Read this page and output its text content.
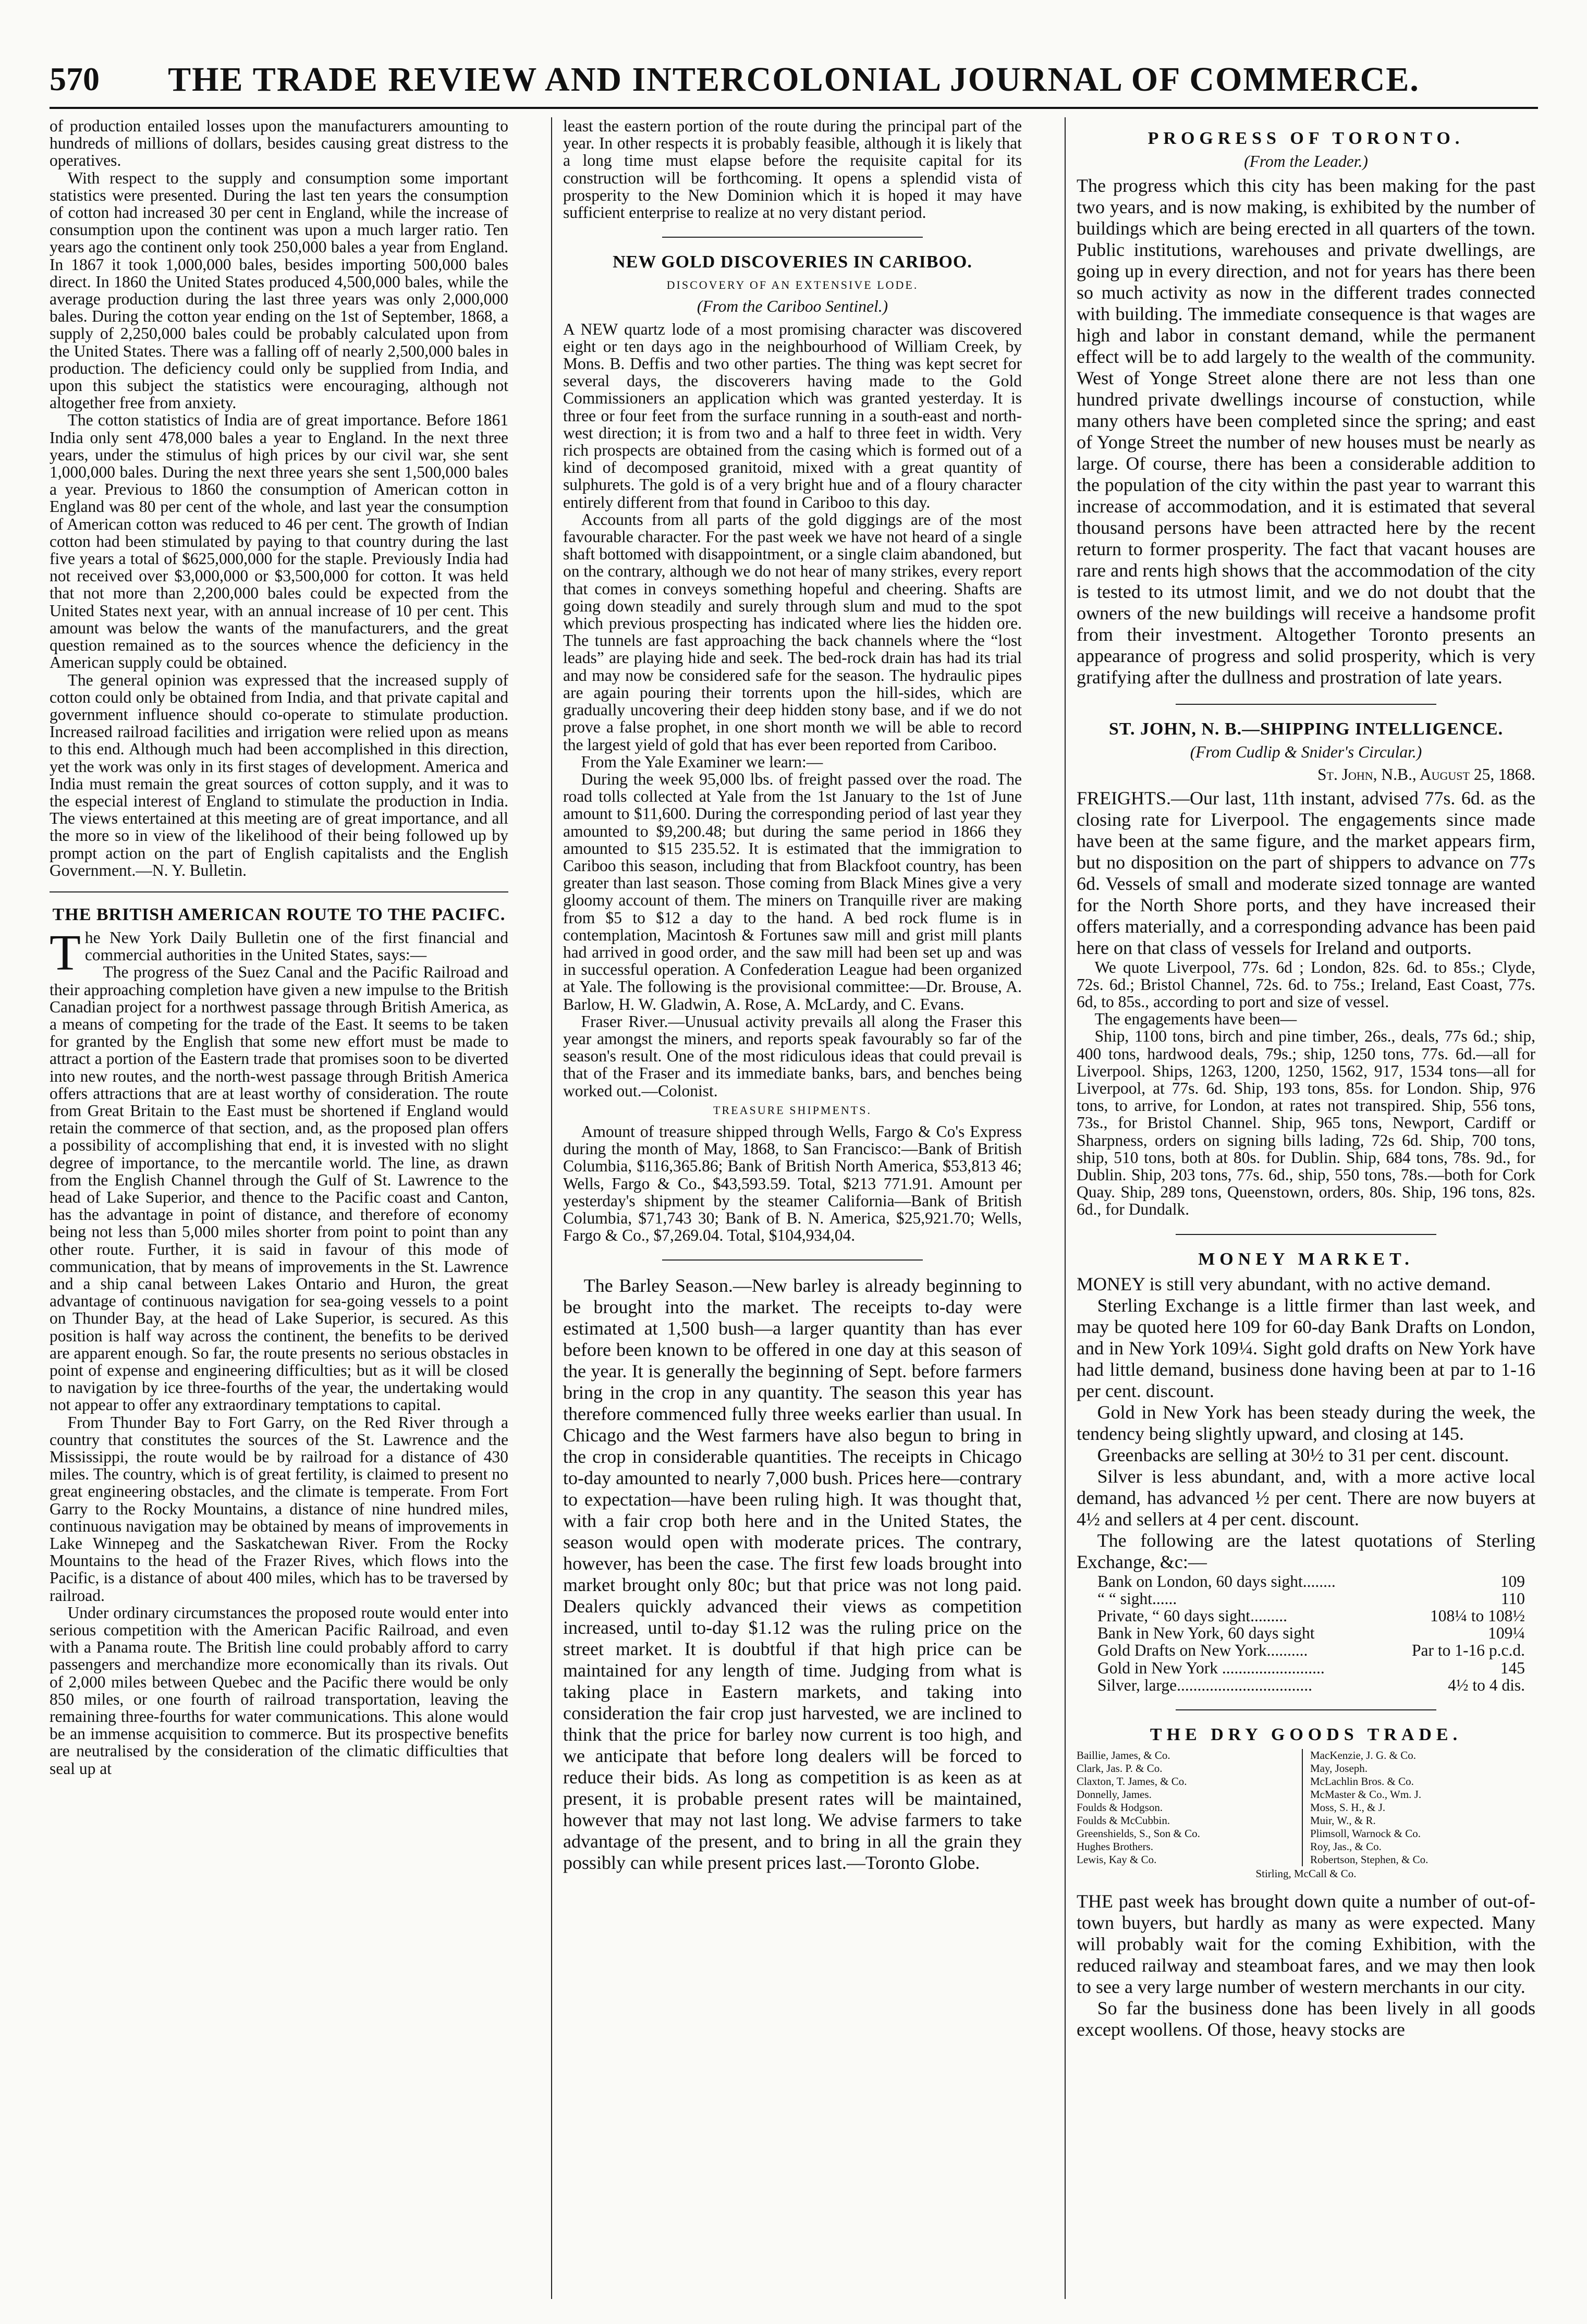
570	THE TRADE REVIEW AND INTERCOLONIAL JOURNAL OF COMMERCE.

of production entailed losses upon the manufacturers amounting to hundreds of millions of dollars, besides causing great distress to the operatives.

With respect to the supply and consumption some important statistics were presented. During the last ten years the consumption of cotton had increased 30 per cent in England, while the increase of consumption upon the continent was upon a much larger ratio. Ten years ago the continent only took 250,000 bales a year from England. In 1867 it took 1,000,000 bales, besides importing 500,000 bales direct. In 1860 the United States produced 4,500,000 bales, while the average production during the last three years was only 2,000,000 bales. During the cotton year ending on the 1st of September, 1868, a supply of 2,250,000 bales could be probably calculated upon from the United States. There was a falling off of nearly 2,500,000 bales in production. The deficiency could only be supplied from India, and upon this subject the statistics were encouraging, although not altogether free from anxiety.

The cotton statistics of India are of great importance. Before 1861 India only sent 478,000 bales a year to England. In the next three years, under the stimulus of high prices by our civil war, she sent 1,000,000 bales. During the next three years she sent 1,500,000 bales a year. Previous to 1860 the consumption of American cotton in England was 80 per cent of the whole, and last year the consumption of American cotton was reduced to 46 per cent. The growth of Indian cotton had been stimulated by paying to that country during the last five years a total of $625,000,000 for the staple. Previously India had not received over $3,000,000 or $3,500,000 for cotton. It was held that not more than 2,200,000 bales could be expected from the United States next year, with an annual increase of 10 per cent. This amount was below the wants of the manufacturers, and the great question remained as to the sources whence the deficiency in the American supply could be obtained.

The general opinion was expressed that the increased supply of cotton could only be obtained from India, and that private capital and government influence should co-operate to stimulate production. Increased railroad facilities and irrigation were relied upon as means to this end. Although much had been accomplished in this direction, yet the work was only in its first stages of development. America and India must remain the great sources of cotton supply, and it was to the especial interest of England to stimulate the production in India. The views entertained at this meeting are of great importance, and all the more so in view of the likelihood of their being followed up by prompt action on the part of English capitalists and the English Government.—N. Y. Bulletin.

THE BRITISH AMERICAN ROUTE TO THE PACIFC.

The New York Daily Bulletin one of the first financial and commercial authorities in the United States, says:—

The progress of the Suez Canal and the Pacific Railroad and their approaching completion have given a new impulse to the British Canadian project for a northwest passage through British America, as a means of competing for the trade of the East. It seems to be taken for granted by the English that some new effort must be made to attract a portion of the Eastern trade that promises soon to be diverted into new routes, and the north-west passage through British America offers attractions that are at least worthy of consideration. The route from Great Britain to the East must be shortened if England would retain the commerce of that section, and, as the proposed plan offers a possibility of accomplishing that end, it is invested with no slight degree of importance, to the mercantile world. The line, as drawn from the English Channel through the Gulf of St. Lawrence to the head of Lake Superior, and thence to the Pacific coast and Canton, has the advantage in point of distance, and therefore of economy being not less than 5,000 miles shorter from point to point than any other route. Further, it is said in favour of this mode of communication, that by means of improvements in the St. Lawrence and a ship canal between Lakes Ontario and Huron, the great advantage of continuous navigation for sea-going vessels to a point on Thunder Bay, at the head of Lake Superior, is secured. As this position is half way across the continent, the benefits to be derived are apparent enough. So far, the route presents no serious obstacles in point of expense and engineering difficulties; but as it will be closed to navigation by ice three-fourths of the year, the undertaking would not appear to offer any extraordinary temptations to capital.

From Thunder Bay to Fort Garry, on the Red River through a country that constitutes the sources of the St. Lawrence and the Mississippi, the route would be by railroad for a distance of 430 miles. The country, which is of great fertility, is claimed to present no great engineering obstacles, and the climate is temperate. From Fort Garry to the Rocky Mountains, a distance of nine hundred miles, continuous navigation may be obtained by means of improvements in Lake Winnepeg and the Saskatchewan River. From the Rocky Mountains to the head of the Frazer Rives, which flows into the Pacific, is a distance of about 400 miles, which has to be traversed by railroad.

Under ordinary circumstances the proposed route would enter into serious competition with the American Pacific Railroad, and even with a Panama route. The British line could probably afford to carry passengers and merchandize more economically than its rivals. Out of 2,000 miles between Quebec and the Pacific there would be only 850 miles, or one fourth of railroad transportation, leaving the remaining three-fourths for water communications. This alone would be an immense acquisition to commerce. But its prospective benefits are neutralised by the consideration of the climatic difficulties that seal up at

least the eastern portion of the route during the principal part of the year. In other respects it is probably feasible, although it is likely that a long time must elapse before the requisite capital for its construction will be forthcoming. It opens a splendid vista of prosperity to the New Dominion which it is hoped it may have sufficient enterprise to realize at no very distant period.

NEW GOLD DISCOVERIES IN CARIBOO.
DISCOVERY OF AN EXTENSIVE LODE.
(From the Cariboo Sentinel.)

A NEW quartz lode of a most promising character was discovered eight or ten days ago in the neighbourhood of William Creek, by Mons. B. Deffis and two other parties. The thing was kept secret for several days, the discoverers having made to the Gold Commissioners an application which was granted yesterday. It is three or four feet from the surface running in a south-east and north-west direction; it is from two and a half to three feet in width. Very rich prospects are obtained from the casing which is formed out of a kind of decomposed granitoid, mixed with a great quantity of sulphurets. The gold is of a very bright hue and of a floury character entirely different from that found in Cariboo to this day.

Accounts from all parts of the gold diggings are of the most favourable character. For the past week we have not heard of a single shaft bottomed with disappointment, or a single claim abandoned, but on the contrary, although we do not hear of many strikes, every report that comes in conveys something hopeful and cheering. Shafts are going down steadily and surely through slum and mud to the spot which previous prospecting has indicated where lies the hidden ore. The tunnels are fast approaching the back channels where the “lost leads” are playing hide and seek. The bed-rock drain has had its trial and may now be considered safe for the season. The hydraulic pipes are again pouring their torrents upon the hill-sides, which are gradually uncovering their deep hidden stony base, and if we do not prove a false prophet, in one short month we will be able to record the largest yield of gold that has ever been reported from Cariboo.

From the Yale Examiner we learn:—

During the week 95,000 lbs. of freight passed over the road. The road tolls collected at Yale from the 1st January to the 1st of June amount to $11,600. During the corresponding period of last year they amounted to $9,200.48; but during the same period in 1866 they amounted to $15 235.52. It is estimated that the immigration to Cariboo this season, including that from Blackfoot country, has been greater than last season. Those coming from Black Mines give a very gloomy account of them. The miners on Tranquille river are making from $5 to $12 a day to the hand. A bed rock flume is in contemplation, Macintosh & Fortunes saw mill and grist mill plants had arrived in good order, and the saw mill had been set up and was in successful operation. A Confederation League had been organized at Yale. The following is the provisional committee:—Dr. Brouse, A. Barlow, H. W. Gladwin, A. Rose, A. McLardy, and C. Evans.

Fraser River.—Unusual activity prevails all along the Fraser this year amongst the miners, and reports speak favourably so far of the season's result. One of the most ridiculous ideas that could prevail is that of the Fraser and its immediate banks, bars, and benches being worked out.—Colonist.

TREASURE SHIPMENTS.

Amount of treasure shipped through Wells, Fargo & Co's Express during the month of May, 1868, to San Francisco:—Bank of British Columbia, $116,365.86; Bank of British North America, $53,813 46; Wells, Fargo & Co., $43,593.59. Total, $213 771.91. Amount per yesterday's shipment by the steamer California—Bank of British Columbia, $71,743 30; Bank of B. N. America, $25,921.70; Wells, Fargo & Co., $7,269.04. Total, $104,934,04.

The Barley Season.—New barley is already beginning to be brought into the market. The receipts to-day were estimated at 1,500 bush—a larger quantity than has ever before been known to be offered in one day at this season of the year. It is generally the beginning of Sept. before farmers bring in the crop in any quantity. The season this year has therefore commenced fully three weeks earlier than usual. In Chicago and the West farmers have also begun to bring in the crop in considerable quantities. The receipts in Chicago to-day amounted to nearly 7,000 bush. Prices here—contrary to expectation—have been ruling high. It was thought that, with a fair crop both here and in the United States, the season would open with moderate prices. The contrary, however, has been the case. The first few loads brought into market brought only 80c; but that price was not long paid. Dealers quickly advanced their views as competition increased, until to-day $1.12 was the ruling price on the street market. It is doubtful if that high price can be maintained for any length of time. Judging from what is taking place in Eastern markets, and taking into consideration the fair crop just harvested, we are inclined to think that the price for barley now current is too high, and we anticipate that before long dealers will be forced to reduce their bids. As long as competition is as keen as at present, it is probable present rates will be maintained, however that may not last long. We advise farmers to take advantage of the present, and to bring in all the grain they possibly can while present prices last.—Toronto Globe.

PROGRESS OF TORONTO.
(From the Leader.)

The progress which this city has been making for the past two years, and is now making, is exhibited by the number of buildings which are being erected in all quarters of the town. Public institutions, warehouses and private dwellings, are going up in every direction, and not for years has there been so much activity as now in the different trades connected with building. The immediate consequence is that wages are high and labor in constant demand, while the permanent effect will be to add largely to the wealth of the community. West of Yonge Street alone there are not less than one hundred private dwellings incourse of constuction, while many others have been completed since the spring; and east of Yonge Street the number of new houses must be nearly as large. Of course, there has been a considerable addition to the population of the city within the past year to warrant this increase of accommodation, and it is estimated that several thousand persons have been attracted here by the recent return to former prosperity. The fact that vacant houses are rare and rents high shows that the accommodation of the city is tested to its utmost limit, and we do not doubt that the owners of the new buildings will receive a handsome profit from their investment. Altogether Toronto presents an appearance of progress and solid prosperity, which is very gratifying after the dullness and prostration of late years.

ST. JOHN, N. B.—SHIPPING INTELLIGENCE.
(From Cudlip & Snider's Circular.)
St. John, N.B., August 25, 1868.

FREIGHTS.—Our last, 11th instant, advised 77s. 6d. as the closing rate for Liverpool. The engagements since made have been at the same figure, and the market appears firm, but no disposition on the part of shippers to advance on 77s 6d. Vessels of small and moderate sized tonnage are wanted for the North Shore ports, and they have increased their offers materially, and a corresponding advance has been paid here on that class of vessels for Ireland and outports.

We quote Liverpool, 77s. 6d ; London, 82s. 6d. to 85s.; Clyde, 72s. 6d.; Bristol Channel, 72s. 6d. to 75s.; Ireland, East Coast, 77s. 6d, to 85s., according to port and size of vessel.

The engagements have been—

Ship, 1100 tons, birch and pine timber, 26s., deals, 77s 6d.; ship, 400 tons, hardwood deals, 79s.; ship, 1250 tons, 77s. 6d.—all for Liverpool. Ships, 1263, 1200, 1250, 1562, 917, 1534 tons—all for Liverpool, at 77s. 6d. Ship, 193 tons, 85s. for London. Ship, 976 tons, to arrive, for London, at rates not transpired. Ship, 556 tons, 73s., for Bristol Channel. Ship, 965 tons, Newport, Cardiff or Sharpness, orders on signing bills lading, 72s 6d. Ship, 700 tons, ship, 510 tons, both at 80s. for Dublin. Ship, 684 tons, 78s. 9d., for Dublin. Ship, 203 tons, 77s. 6d., ship, 550 tons, 78s.—both for Cork Quay. Ship, 289 tons, Queenstown, orders, 80s. Ship, 196 tons, 82s. 6d., for Dundalk.

MONEY MARKET.

MONEY is still very abundant, with no active demand.

Sterling Exchange is a little firmer than last week, and may be quoted here 109 for 60-day Bank Drafts on London, and in New York 109¼. Sight gold drafts on New York have had little demand, business done having been at par to 1-16 per cent. discount.

Gold in New York has been steady during the week, the tendency being slightly upward, and closing at 145.

Greenbacks are selling at 30½ to 31 per cent. discount.

Silver is less abundant, and, with a more active local demand, has advanced ½ per cent. There are now buyers at 4½ and sellers at 4 per cent. discount.

The following are the latest quotations of Sterling Exchange, &c:—

Bank on London, 60 days sight........	109
“ “ sight......	110
Private, “ 60 days sight.........	108¼ to 108½
Bank in New York, 60 days sight	109¼
Gold Drafts on New York..........	Par to 1-16 p.c.d.
Gold in New York .........................	145
Silver, large.................................	4½ to 4 dis.
THE DRY GOODS TRADE.
Baillie, James, & Co.
Clark, Jas. P. & Co.
Claxton, T. James, & Co.
Donnelly, James.
Foulds & Hodgson.
Foulds & McCubbin.
Greenshields, S., Son & Co.
Hughes Brothers.
Lewis, Kay & Co.
MacKenzie, J. G. & Co.
May, Joseph.
McLachlin Bros. & Co.
McMaster & Co., Wm. J.
Moss, S. H., & J.
Muir, W., & R.
Plimsoll, Warnock & Co.
Roy, Jas., & Co.
Robertson, Stephen, & Co.
Stirling, McCall & Co.

THE past week has brought down quite a number of out-of-town buyers, but hardly as many as were expected. Many will probably wait for the coming Exhibition, with the reduced railway and steamboat fares, and we may then look to see a very large number of western merchants in our city.

So far the business done has been lively in all goods except woollens. Of those, heavy stocks are
